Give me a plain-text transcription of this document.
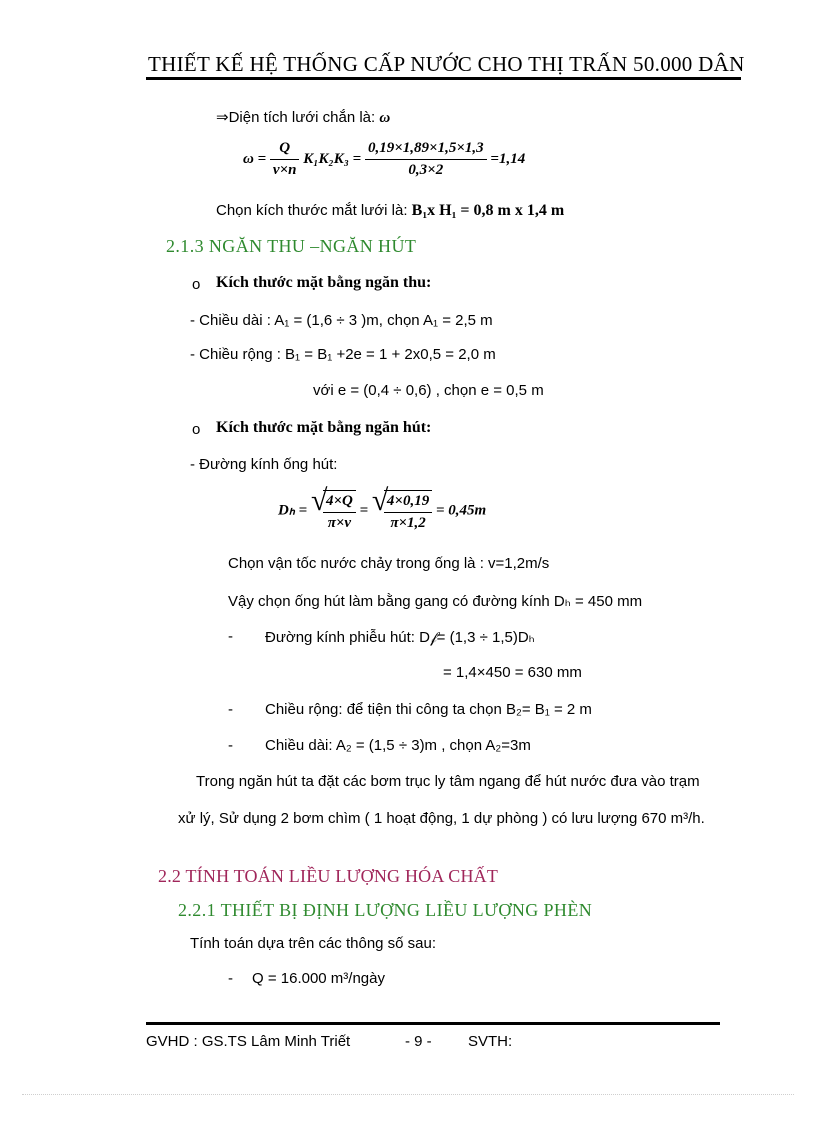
THIẾT KẾ HỆ THỐNG CẤP NƯỚC CHO THỊ TRẤN 50.000 DÂN
⇒Diện tích lưới chắn là: ω
$\omega = \frac{Q}{v\times n} K_1K_2K_3 = \frac{0,19\times 1,89\times 1,5\times 1,3}{0,3\times 2} =1,14$
Chọn kích thước mắt lưới là: B₁x H₁ = 0,8 m x 1,4 m
2.1.3 NGĂN THU –NGĂN HÚT
o Kích thước mặt bằng ngăn thu:
- Chiều dài : A₁ = (1,6 ÷ 3 )m, chọn A₁ = 2,5 m
- Chiều rộng : B₁ = B₁ +2e = 1 + 2x0,5 = 2,0 m
với e = (0,4 ÷ 0,6) , chọn e = 0,5 m
o Kích thước mặt bằng ngăn hút:
- Đường kính ống hút:
Dₕ = √
$\frac{4\times Q}{\pi\times v}$ = √
$\frac{4\times 0,19}{\pi\times 1,2} = 0,45m$
Chọn vận tốc nước chảy trong ống là : v=1,2m/s
Vậy chọn ống hút làm bằng gang có đường kính Dₕ = 450 mm
- Đường kính phiễu hút: D𝒻= (1,3 ÷ 1,5)Dₕ
= 1,4×450 = 630 mm
- Chiều rộng: để tiện thi công ta chọn B₂= B₁ = 2 m
- Chiều dài: A₂ = (1,5 ÷ 3)m , chọn A₂=3m
Trong ngăn hút ta đặt các bơm trục ly tâm ngang để hút nước đưa vào trạm
xử lý, Sử dụng 2 bơm chìm ( 1 hoạt động, 1 dự phòng ) có lưu lượng 670 m³/h.
2.2 TÍNH TOÁN LIỀU LƯỢNG HÓA CHẤT
2.2.1 THIẾT BỊ ĐỊNH LƯỢNG LIỀU LƯỢNG PHÈN
Tính toán dựa trên các thông số sau:
- Q = 16.000 m³/ngày
GVHD : GS.TS Lâm Minh Triết	- 9 - SVTH:
